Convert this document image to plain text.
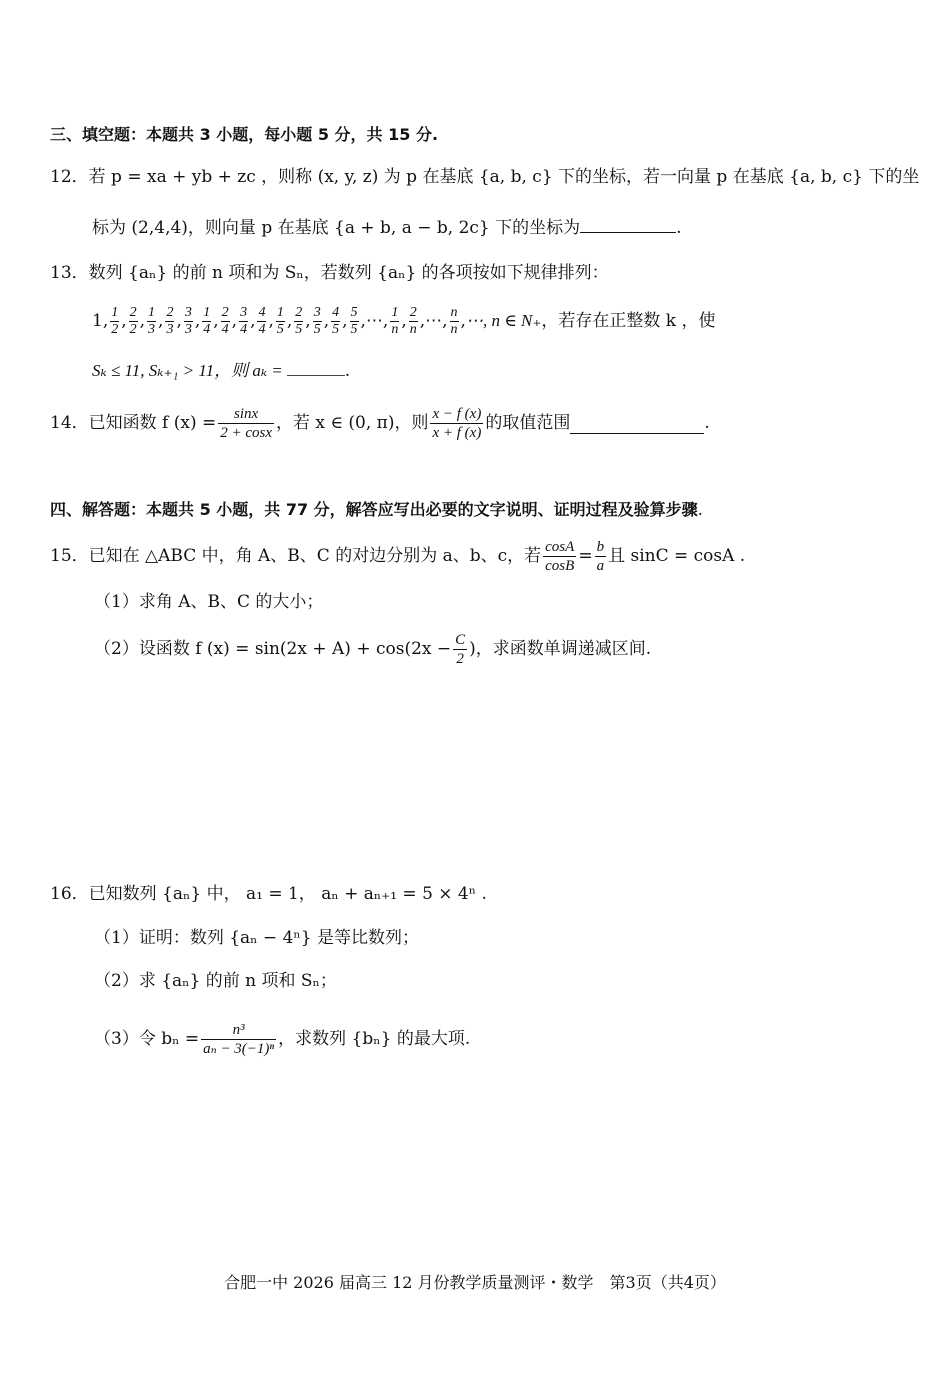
三、填空题：本题共 3 小题，每小题 5 分，共 15 分.
12．若 p = xa + yb + zc ，则称 (x, y, z) 为 p 在基底 {a, b, c} 下的坐标，若一向量 p 在基底 {a, b, c} 下的坐
标为 (2,4,4)，则向量 p 在基底 {a + b, a − b, 2c} 下的坐标为	.
13．数列 {aₙ} 的前 n 项和为 Sₙ，若数列 {aₙ} 的各项按如下规律排列：
1, $\frac{1}{2}$ , $\frac{2}{2}$ , $\frac{1}{3}$ , $\frac{2}{3}$ , $\frac{3}{3}$ , $\frac{1}{4}$ , $\frac{2}{4}$ , $\frac{3}{4}$ , $\frac{4}{4}$ , $\frac{1}{5}$ , $\frac{2}{5}$ , $\frac{3}{5}$ , $\frac{4}{5}$ , $\frac{5}{5}$ , ⋯, $\frac{1}{n}$ , $\frac{2}{n}$ , ⋯, $\frac{n}{n}$ , ⋯, n ∈ N₊ ，若存在正整数 k ，使
Sₖ ≤ 11, Sₖ₊₁ > 11，则 aₖ =	.
14． 已知函数 f $(x) = \frac{\sin x}{2 + \cos x}$ ，若 x ∈ (0, π)，则 $\frac{x - f (x)}{x + f (x)}$ 的取值范围	.
四、解答题：本题共 5 小题，共 77 分，解答应写出必要的文字说明、证明过程及验算步骤.
15． 已知在 △ABC 中，角 A、B、C 的对边分别为 a、b、c，若 $\frac{\cos A}{\cos B} = \frac{b}{a}$ 且 sinC = cosA .
（1）求角 A、B、C 的大小；
（2）设函数 f $(x) = \sin(2x + A) + \cos(2x - \frac{C}{2}$ )，求函数单调递减区间.
16．已知数列 {aₙ} 中， a₁ = 1， aₙ + aₙ₊₁ = 5 × 4ⁿ .
（1）证明：数列 {aₙ − 4ⁿ} 是等比数列；
（2）求 {aₙ} 的前 n 项和 Sₙ；
（3）令 $b_n = \frac{\text{n³}}{\text{aₙ − 3(−1)ⁿ}}$ ，求数列 {bₙ} 的最大项.
合肥一中 2026 届高三 12 月份教学质量测评・数学　第3页（共4页）
